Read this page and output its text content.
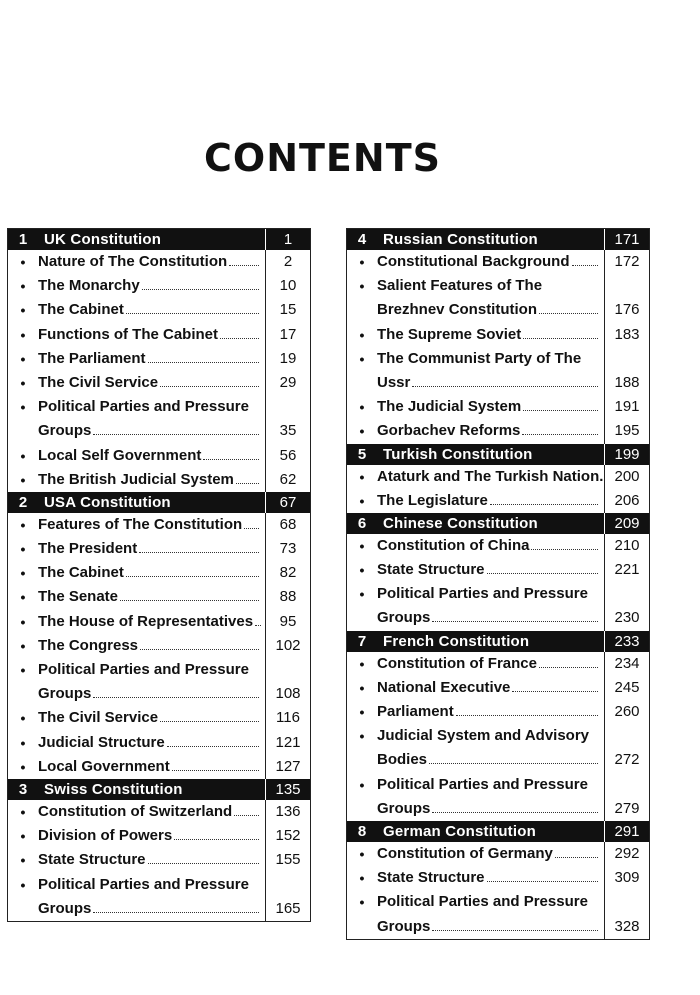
CONTENTS
1	UK Constitution	1
• Nature of The Constitution	2
• The Monarchy	10
• The Cabinet	15
• Functions of The Cabinet	17
• The Parliament	19
• The Civil Service	29
• Political Parties and Pressure
Groups	35
• Local Self Government	56
• The British Judicial System	62
2	USA Constitution	67
• Features of The Constitution	68
• The President	73
• The Cabinet	82
• The Senate	88
• The House of Representatives	95
• The Congress	102
• Political Parties and Pressure
Groups	108
• The Civil Service	116
• Judicial Structure	121
• Local Government	127
3	Swiss Constitution	135
• Constitution of Switzerland	136
• Division of Powers	152
• State Structure	155
• Political Parties and Pressure
Groups	165
4	Russian Constitution	171
• Constitutional Background	172
• Salient Features of The
Brezhnev Constitution	176
• The Supreme Soviet	183
• The Communist Party of The
Ussr	188
• The Judicial System	191
• Gorbachev Reforms	195
5	Turkish Constitution	199
• Ataturk and The Turkish Nation. 200
• The Legislature	206
6	Chinese Constitution	209
• Constitution of China	210
• State Structure	221
• Political Parties and Pressure
Groups	230
7	French Constitution	233
• Constitution of France	234
• National Executive	245
• Parliament	260
• Judicial System and Advisory
Bodies	272
• Political Parties and Pressure
Groups	279
8	German Constitution	291
• Constitution of Germany	292
• State Structure	309
• Political Parties and Pressure
Groups	328
